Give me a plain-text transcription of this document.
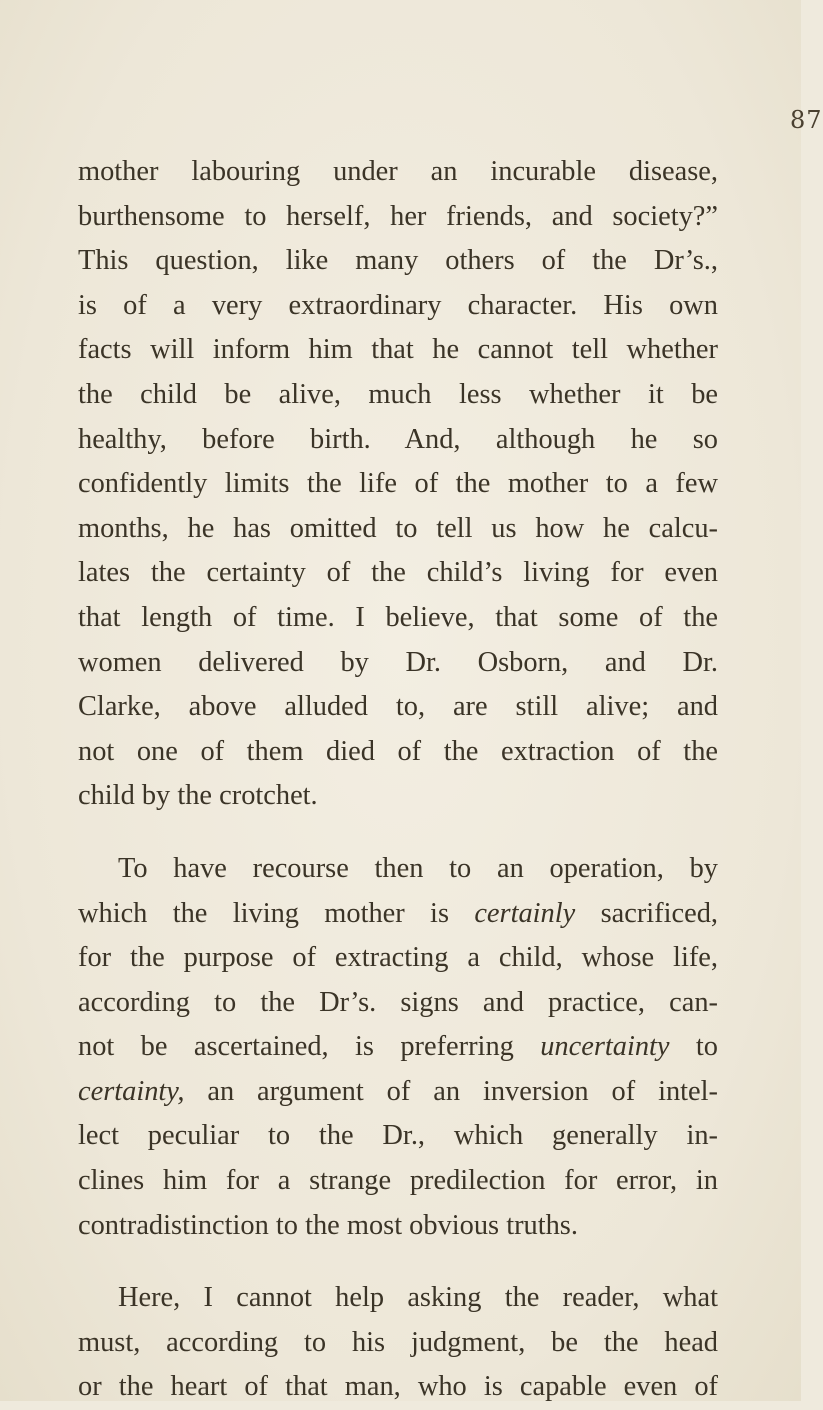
87

mother labouring under an incurable disease,
burthensome to herself, her friends, and society?”
This question, like many others of the Dr’s.,
is of a very extraordinary character. His own
facts will inform him that he cannot tell whether
the child be alive, much less whether it be
healthy, before birth. And, although he so
confidently limits the life of the mother to a few
months, he has omitted to tell us how he calcu-
lates the certainty of the child’s living for even
that length of time. I believe, that some of the
women delivered by Dr. Osborn, and Dr.
Clarke, above alluded to, are still alive; and
not one of them died of the extraction of the
child by the crotchet.

To have recourse then to an operation, by
which the living mother is certainly sacrificed,
for the purpose of extracting a child, whose life,
according to the Dr’s. signs and practice, can-
not be ascertained, is preferring uncertainty to
certainty, an argument of an inversion of intel-
lect peculiar to the Dr., which generally in-
clines him for a strange predilection for error, in
contradistinction to the most obvious truths.

Here, I cannot help asking the reader, what
must, according to his judgment, be the head
or the heart of that man, who is capable even of
